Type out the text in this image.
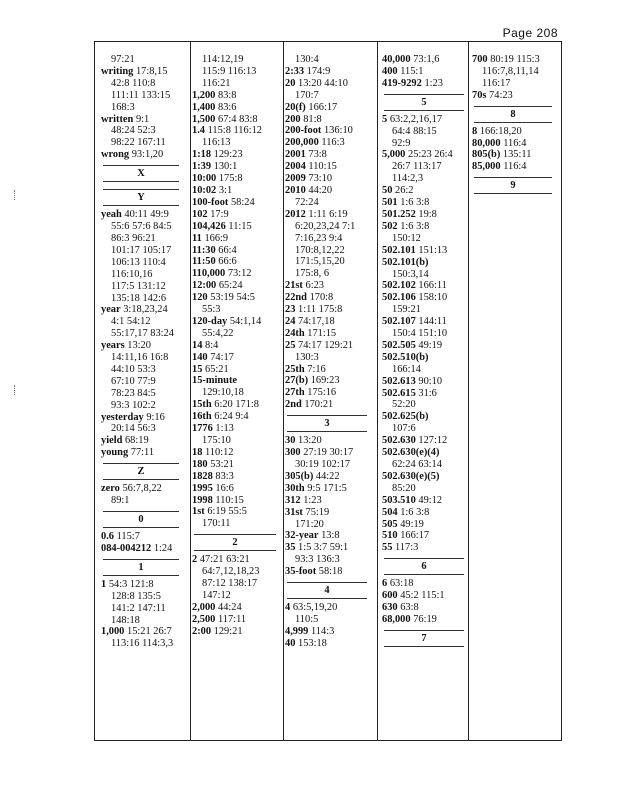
Page 208
97:21
writing 17:8,15
42:8 110:8
111:11 133:15
168:3
written 9:1
48:24 52:3
98:22 167:11
wrong 93:1,20
X
Y
yeah 40:11 49:9
55:6 57:6 84:5
86:3 96:21
101:17 105:17
106:13 110:4
116:10,16
117:5 131:12
135:18 142:6
year 3:18,23,24
4:1 54:12
55:17,17 83:24
years 13:20
14:11,16 16:8
44:10 53:3
67:10 77:9
78:23 84:5
93:3 102:2
yesterday 9:16
20:14 56:3
yield 68:19
young 77:11
Z
zero 56:7,8,22
89:1
0
0.6 115:7
084-004212 1:24
1
1 54:3 121:8
128:8 135:5
141:2 147:11
148:18
1,000 15:21 26:7
113:16 114:3,3
114:12,19
115:9 116:13
116:21
1,200 83:8
1,400 83:6
1,500 67:4 83:8
1.4 115:8 116:12
116:13
1:18 129:23
1:39 130:1
10:00 175:8
10:02 3:1
100-foot 58:24
102 17:9
104,426 11:15
11 166:9
11:30 66:4
11:50 66:6
110,000 73:12
12:00 65:24
120 53:19 54:5
55:3
120-day 54:1,14
55:4,22
14 8:4
140 74:17
15 65:21
15-minute
129:10,18
15th 6:20 171:8
16th 6:24 9:4
1776 1:13
175:10
18 110:12
180 53:21
1828 83:3
1995 16:6
1998 110:15
1st 6:19 55:5
170:11
2
2 47:21 63:21
64:7,12,18,23
87:12 138:17
147:12
2,000 44:24
2,500 117:11
2:00 129:21
130:4
2:33 174:9
20 13:20 44:10
170:7
20(f) 166:17
200 81:8
200-foot 136:10
200,000 116:3
2001 73:8
2004 110:15
2009 73:10
2010 44:20
72:24
2012 1:11 6:19
6:20,23,24 7:1
7:16,23 9:4
170:8,12,22
171:5,15,20
175:8, 6
21st 6:23
22nd 170:8
23 1:11 175:8
24 74:17,18
24th 171:15
25 74:17 129:21
130:3
25th 7:16
27(b) 169:23
27th 175:16
2nd 170:21
3
30 13:20
300 27:19 30:17
30:19 102:17
305(b) 44:22
30th 9:5 171:5
312 1:23
31st 75:19
171:20
32-year 13:8
35 1:5 3:7 59:1
93:3 136:3
35-foot 58:18
4
4 63:5,19,20
110:5
4,999 114:3
40 153:18
40,000 73:1,6
400 115:1
419-9292 1:23
5
5 63:2,2,16,17
64:4 88:15
92:9
5,000 25:23 26:4
26:7 113:17
114:2,3
50 26:2
501 1:6 3:8
501.252 19:8
502 1:6 3:8
150:12
502.101 151:13
502.101(b)
150:3,14
502.102 166:11
502.106 158:10
159:21
502.107 144:11
150:4 151:10
502.505 49:19
502.510(b)
166:14
502.613 90:10
502.615 31:6
52:20
502.625(b)
107:6
502.630 127:12
502.630(e)(4)
62:24 63:14
502.630(e)(5)
85:20
503.510 49:12
504 1:6 3:8
505 49:19
510 166:17
55 117:3
6
6 63:18
600 45:2 115:1
630 63:8
68,000 76:19
7
700 80:19 115:3
116:7,8,11,14
116:17
70s 74:23
8
8 166:18,20
80,000 116:4
805(b) 135:11
85,000 116:4
9
